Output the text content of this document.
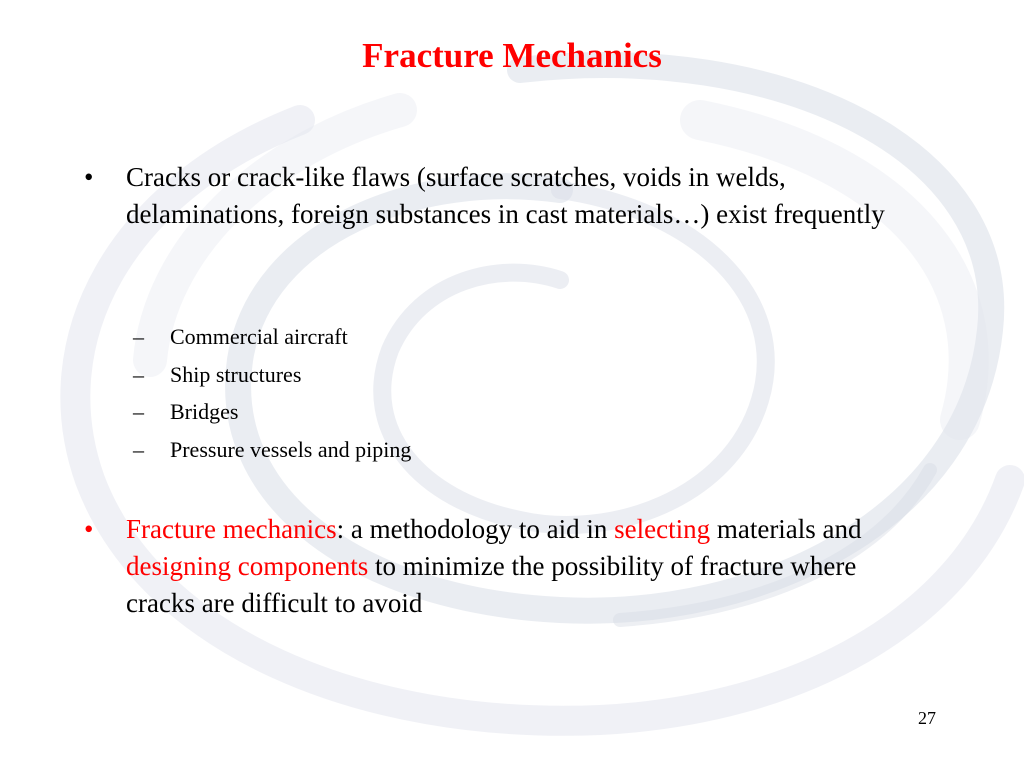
Fracture Mechanics
•	Cracks or crack-like flaws (surface scratches, voids in welds, delaminations, foreign substances in cast materials…) exist frequently
– Commercial aircraft
– Ship structures
– Bridges
– Pressure vessels and piping
•	Fracture mechanics: a methodology to aid in selecting materials and designing components to minimize the possibility of fracture where cracks are difficult to avoid
27
